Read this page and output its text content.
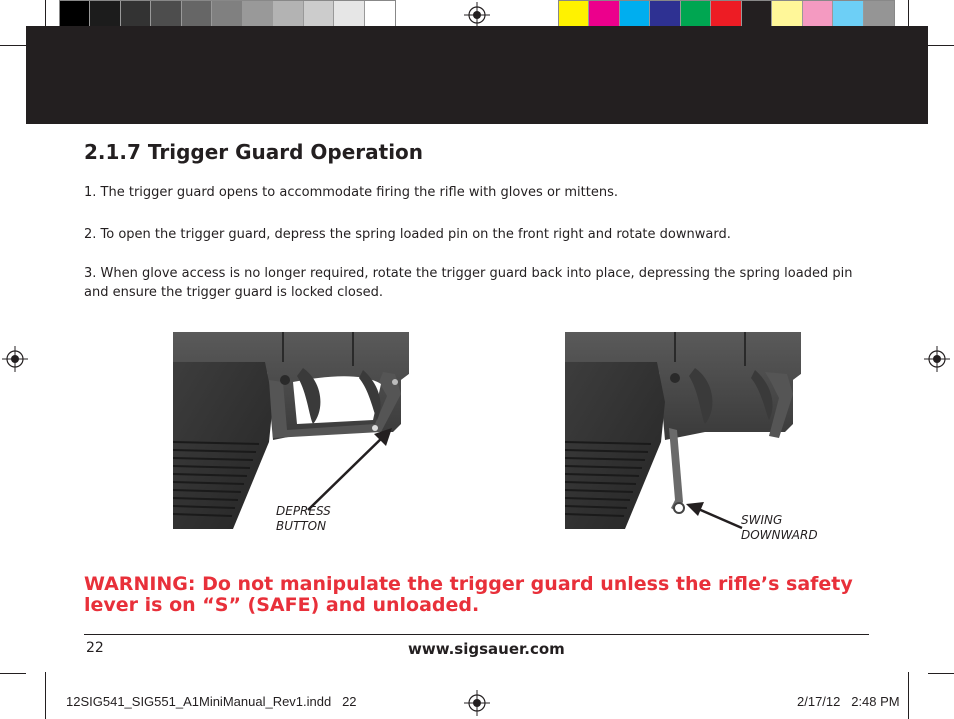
2.1.7 Trigger Guard Operation
1. The trigger guard opens to accommodate firing the rifle with gloves or mittens.
2. To open the trigger guard, depress the spring loaded pin on the front right and rotate downward.
3. When glove access is no longer required, rotate the trigger guard back into place, depressing the spring loaded pin and ensure the trigger guard is locked closed.
DEPRESS
BUTTON	SWING
DOWNWARD
WARNING: Do not manipulate the trigger guard unless the rifle’s safety lever is on “S” (SAFE) and unloaded.
22	www.sigsauer.com
12SIG541_SIG551_A1MiniManual_Rev1.indd   22	2/17/12   2:48 PM
